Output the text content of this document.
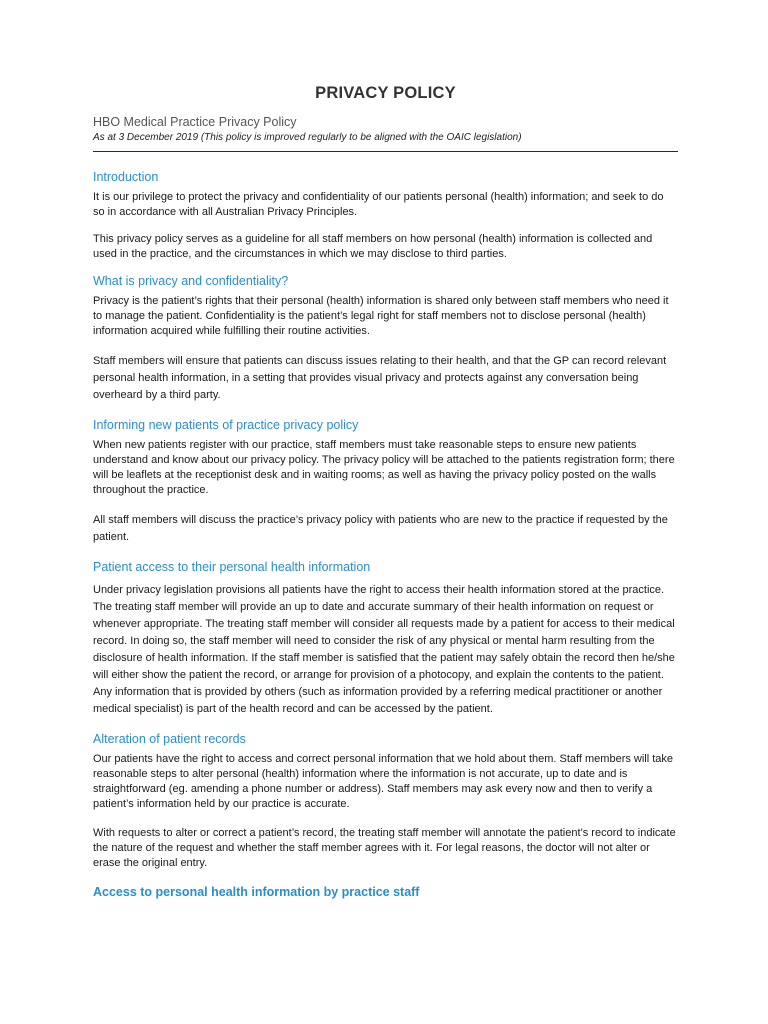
PRIVACY POLICY
HBO Medical Practice Privacy Policy
As at 3 December 2019 (This policy is improved regularly to be aligned with the OAIC legislation)
Introduction

It is our privilege to protect the privacy and confidentiality of our patients personal (health) information; and seek to do so in accordance with all Australian Privacy Principles.

This privacy policy serves as a guideline for all staff members on how personal (health) information is collected and used in the practice, and the circumstances in which we may disclose to third parties.

What is privacy and confidentiality?

Privacy is the patient’s rights that their personal (health) information is shared only between staff members who need it to manage the patient. Confidentiality is the patient’s legal right for staff members not to disclose personal (health) information acquired while fulfilling their routine activities.

Staff members will ensure that patients can discuss issues relating to their health, and that the GP can record relevant personal health information, in a setting that provides visual privacy and protects against any conversation being overheard by a third party.

Informing new patients of practice privacy policy

When new patients register with our practice, staff members must take reasonable steps to ensure new patients understand and know about our privacy policy. The privacy policy will be attached to the patients registration form; there will be leaflets at the receptionist desk and in waiting rooms; as well as having the privacy policy posted on the walls throughout the practice.

All staff members will discuss the practice’s privacy policy with patients who are new to the practice if requested by the patient.

Patient access to their personal health information

Under privacy legislation provisions all patients have the right to access their health information stored at the practice. The treating staff member will provide an up to date and accurate summary of their health information on request or whenever appropriate. The treating staff member will consider all requests made by a patient for access to their medical record. In doing so, the staff member will need to consider the risk of any physical or mental harm resulting from the disclosure of health information. If the staff member is satisfied that the patient may safely obtain the record then he/she will either show the patient the record, or arrange for provision of a photocopy, and explain the contents to the patient. Any information that is provided by others (such as information provided by a referring medical practitioner or another medical specialist) is part of the health record and can be accessed by the patient.

Alteration of patient records

Our patients have the right to access and correct personal information that we hold about them. Staff members will take reasonable steps to alter personal (health) information where the information is not accurate, up to date and is straightforward (eg. amending a phone number or address). Staff members may ask every now and then to verify a patient’s information held by our practice is accurate.

With requests to alter or correct a patient’s record, the treating staff member will annotate the patient’s record to indicate the nature of the request and whether the staff member agrees with it. For legal reasons, the doctor will not alter or erase the original entry.

Access to personal health information by practice staff
